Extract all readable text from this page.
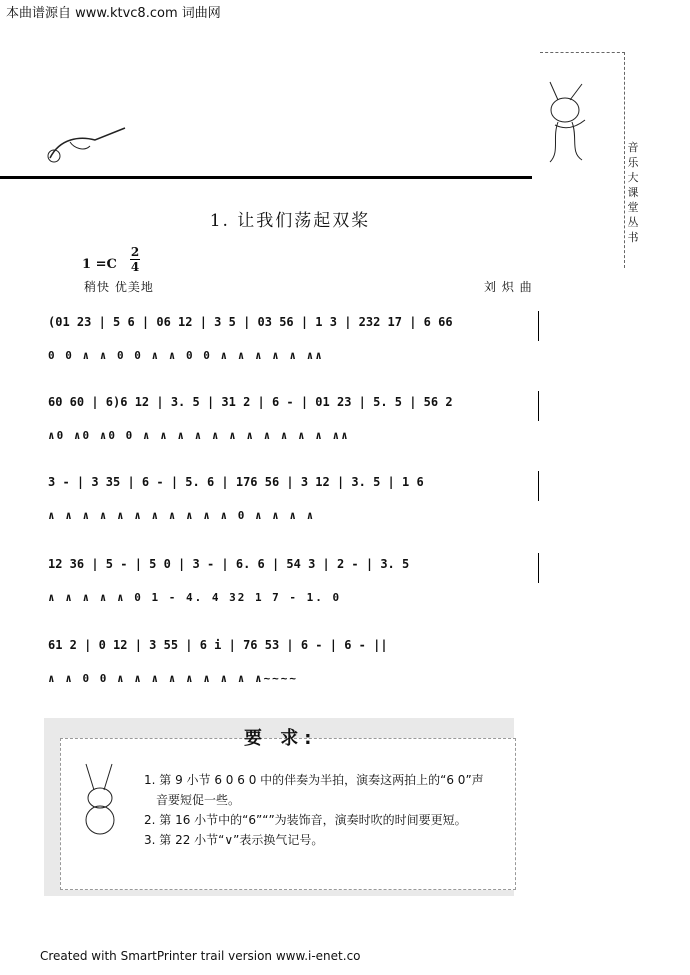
本曲谱源自 www.ktvc8.com 词曲网
音乐大课堂丛书
1. 让我们荡起双桨
1 =C
2
4
稍快 优美地	刘 炽 曲
(01 23 | 5 6 | 06 12 | 3 5 | 03 56 | 1 3 | 232 17 | 6 66
0 0 ∧ ∧ 0 0 ∧ ∧ 0 0 ∧ ∧ ∧ ∧ ∧ ∧∧
60 60 | 6)6 12 | 3. 5 | 31 2 | 6 - | 01 23 | 5. 5 | 56 2
∧0 ∧0 ∧0 0 ∧ ∧ ∧ ∧ ∧ ∧ ∧ ∧ ∧ ∧ ∧ ∧∧
3 - | 3 35 | 6 - | 5. 6 | 176 56 | 3 12 | 3. 5 | 1 6
∧ ∧ ∧ ∧ ∧ ∧ ∧ ∧ ∧ ∧ ∧ 0 ∧ ∧ ∧ ∧
12 36 | 5 - | 5 0 | 3 - | 6. 6 | 54 3 | 2 - | 3. 5
∧ ∧ ∧ ∧ ∧ 0 1 - 4. 4 32 1 7 - 1. 0
61 2 | 0 12 | 3 55 | 6 i | 76 53 | 6 - | 6 - ||
∧ ∧ 0 0 ∧ ∧ ∧ ∧ ∧ ∧ ∧ ∧ ∧~~~~
要 求:
1. 第 9 小节 6 0 6 0 中的伴奏为半拍，演奏这两拍上的“6 0”声
音要短促一些。
2. 第 16 小节中的“6”“”为装饰音，演奏时吹的时间要更短。
3. 第 22 小节“∨”表示换气记号。
Created with SmartPrinter trail version www.i-enet.co
